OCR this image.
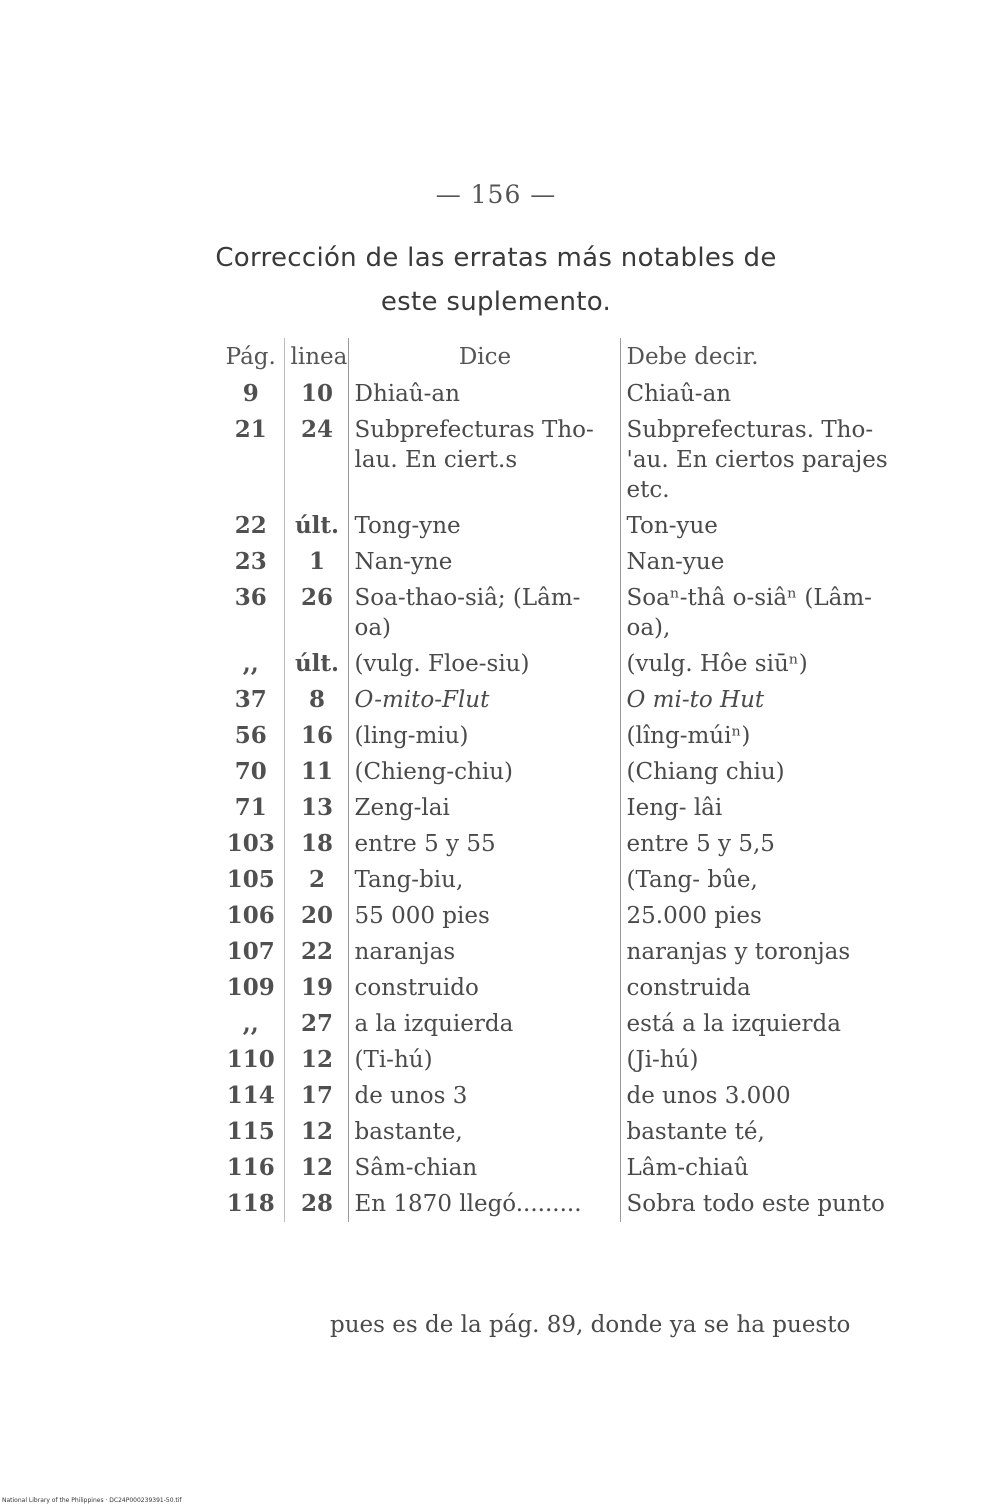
— 156 —
Corrección de las erratas más notables de
este suplemento.
Pág.	linea	Dice	Debe decir.
9	10	Dhiaû-an	Chiaû-an
21	24	Subprefecturas Tho-lau. En ciert.s	Subprefecturas. Tho-'au. En ciertos parajes etc.
22	últ.	Tong-yne	Ton-yue
23	1	Nan-yne	Nan-yue
36	26	Soa-thao-siâ; (Lâm-oa)	Soaⁿ-thâ o-siâⁿ (Lâm-oa),
,,	últ.	(vulg. Floe-siu)	(vulg. Hôe siūⁿ)
37	8	O-mito-Flut	O mi-to Hut
56	16	(ling-miu)	(lîng-múiⁿ)
70	11	(Chieng-chiu)	(Chiang chiu)
71	13	Zeng-lai	Ieng- lâi
103	18	entre 5 y 55	entre 5 y 5,5
105	2	Tang-biu,	(Tang- bûe,
106	20	55 000 pies	25.000 pies
107	22	naranjas	naranjas y toronjas
109	19	construido	construida
,,	27	a la izquierda	está a la izquierda
110	12	(Ti-hú)	(Ji-hú)
114	17	de unos 3	de unos 3.000
115	12	bastante,	bastante té,
116	12	Sâm-chian	Lâm-chiaû
118	28	En 1870 llegó.........	Sobra todo este punto
pues es de la pág. 89, donde ya se ha puesto
National Library of the Philippines · DC24P000239391-50.tif
